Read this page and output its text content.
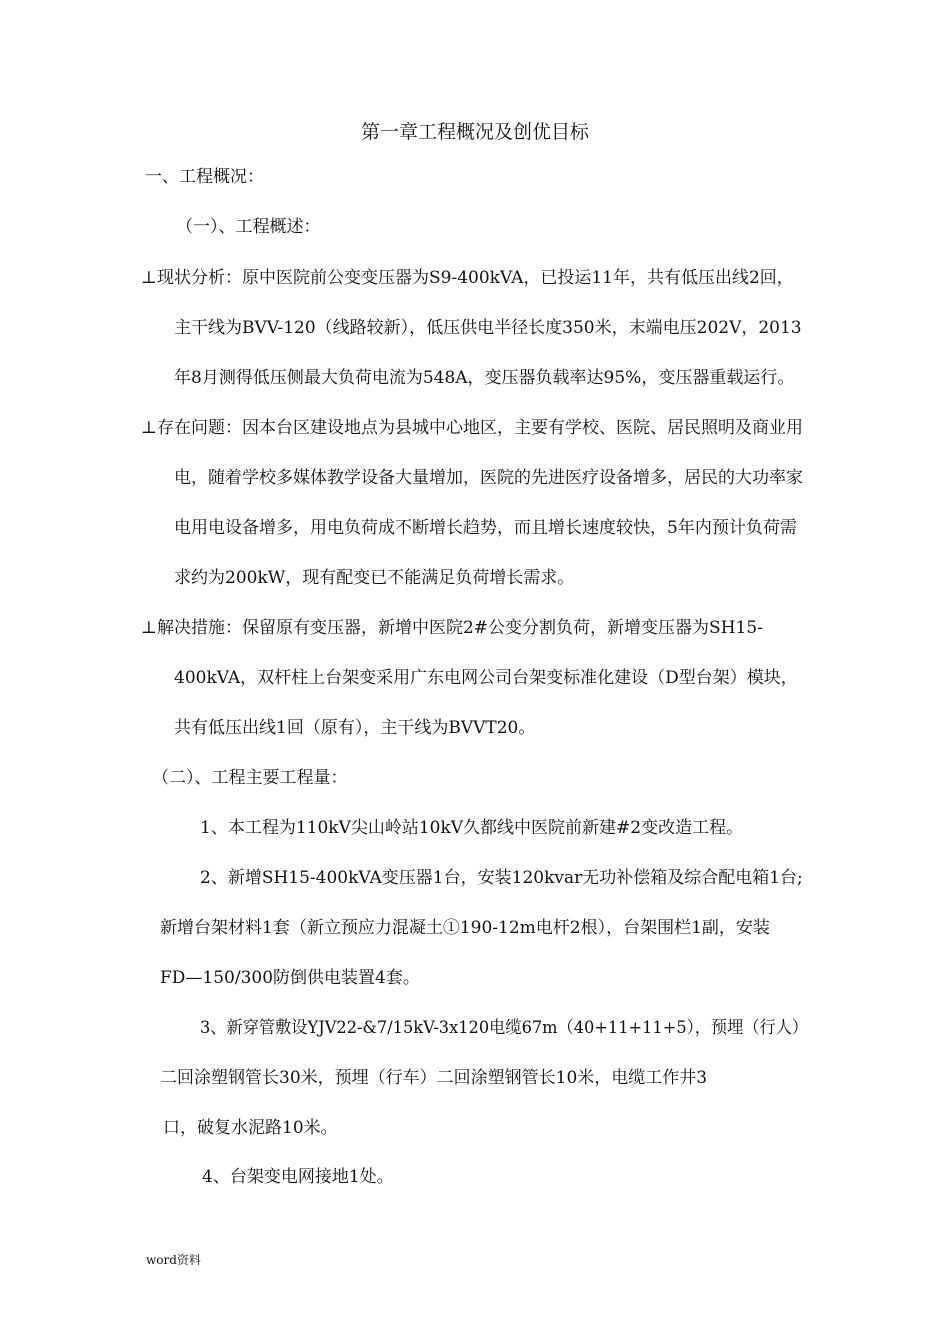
第一章工程概况及创优目标
一、工程概况：
（一）、工程概述：
⊥现状分析：原中医院前公变变压器为S9-400kVA，已投运11年，共有低压出线2回，
主干线为BVV-120（线路较新），低压供电半径长度350米，末端电压202V，2013
年8月测得低压侧最大负荷电流为548A，变压器负载率达95%，变压器重载运行。
⊥存在问题：因本台区建设地点为县城中心地区，主要有学校、医院、居民照明及商业用
电，随着学校多媒体教学设备大量增加，医院的先进医疗设备增多，居民的大功率家
电用电设备增多，用电负荷成不断增长趋势，而且增长速度较快，5年内预计负荷需
求约为200kW，现有配变已不能满足负荷增长需求。
⊥解决措施：保留原有变压器，新增中医院2#公变分割负荷，新增变压器为SH15-
400kVA，双杆柱上台架变采用广东电网公司台架变标准化建设（D型台架）模块，
共有低压出线1回（原有），主干线为BVVT20。
（二）、工程主要工程量：
1、本工程为110kV尖山岭站10kV久都线中医院前新建#2变改造工程。
2、新增SH15-400kVA变压器1台，安装120kvar无功补偿箱及综合配电箱1台;
新增台架材料1套（新立预应力混凝土①190-12m电杆2根），台架围栏1副，安装
FD—150/300防倒供电装置4套。
3、新穿管敷设YJV22-&7/15kV-3x120电缆67m（40+11+11+5），预埋（行人）
二回涂塑钢管长30米，预埋（行车）二回涂塑钢管长10米，电缆工作井3
口，破复水泥路10米。
4、台架变电网接地1处。
word资料
